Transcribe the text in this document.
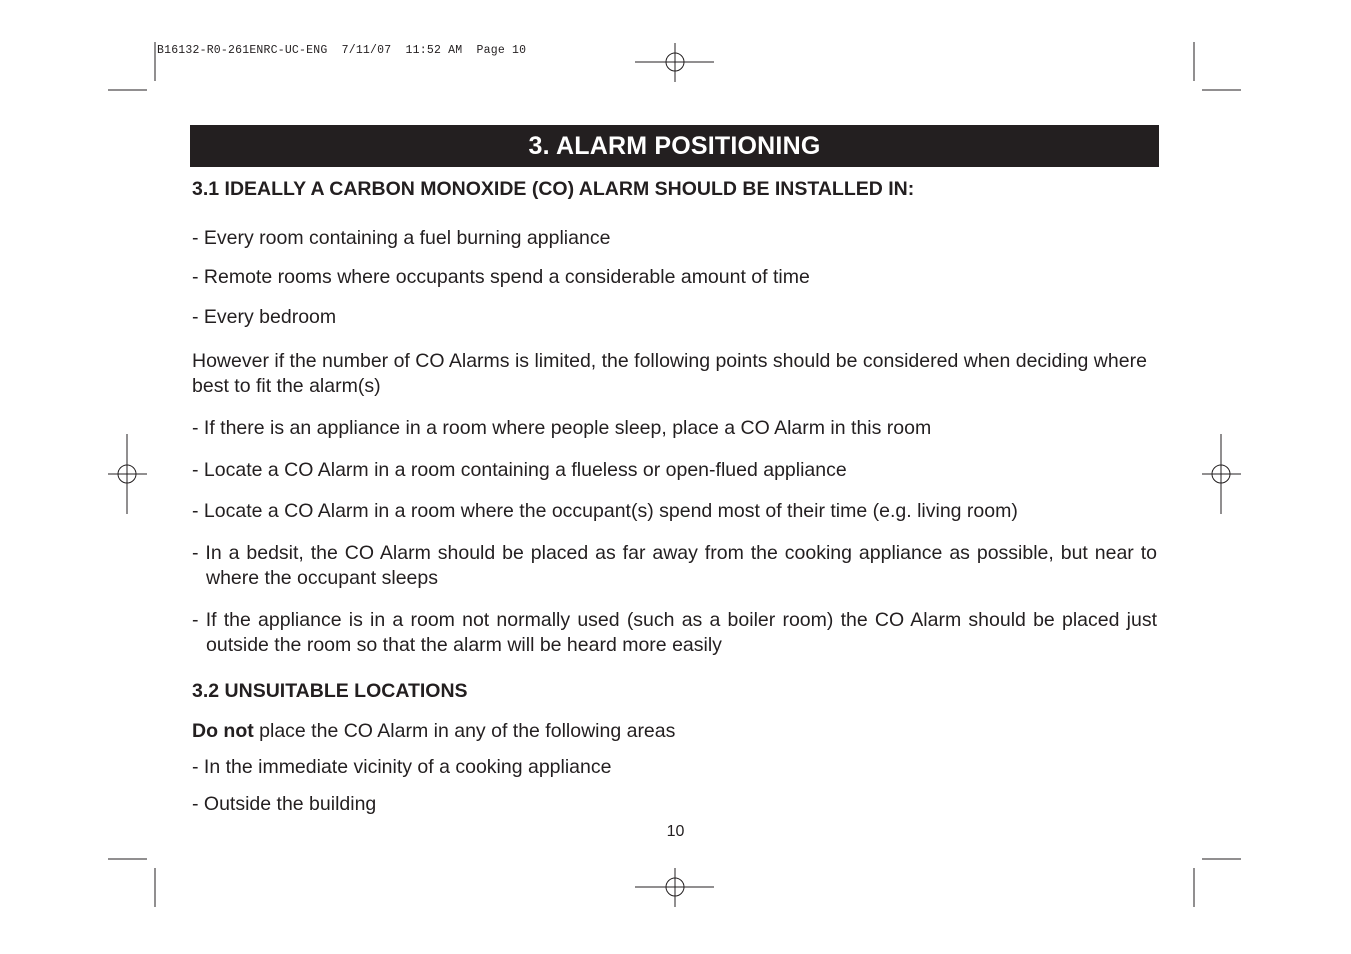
B16132-R0-261ENRC-UC-ENG  7/11/07  11:52 AM  Page 10
3. ALARM POSITIONING
3.1 IDEALLY A CARBON MONOXIDE (CO) ALARM SHOULD BE INSTALLED IN:
- Every room containing a fuel burning appliance
- Remote rooms where occupants spend a considerable amount of time
- Every bedroom
However if the number of CO Alarms is limited, the following points should be considered when deciding where best to fit the alarm(s)
- If there is an appliance in a room where people sleep, place a CO Alarm in this room
- Locate a CO Alarm in a room containing a flueless or open-flued appliance
- Locate a CO Alarm in a room where the occupant(s) spend most of their time (e.g. living room)
- In a bedsit, the CO Alarm should be placed as far away from the cooking appliance as possible, but near to where the occupant sleeps
- If the appliance is in a room not normally used (such as a boiler room) the CO Alarm should be placed just outside the room so that the alarm will be heard more easily
3.2 UNSUITABLE LOCATIONS
Do not place the CO Alarm in any of the following areas
- In the immediate vicinity of a cooking appliance
- Outside the building
10
